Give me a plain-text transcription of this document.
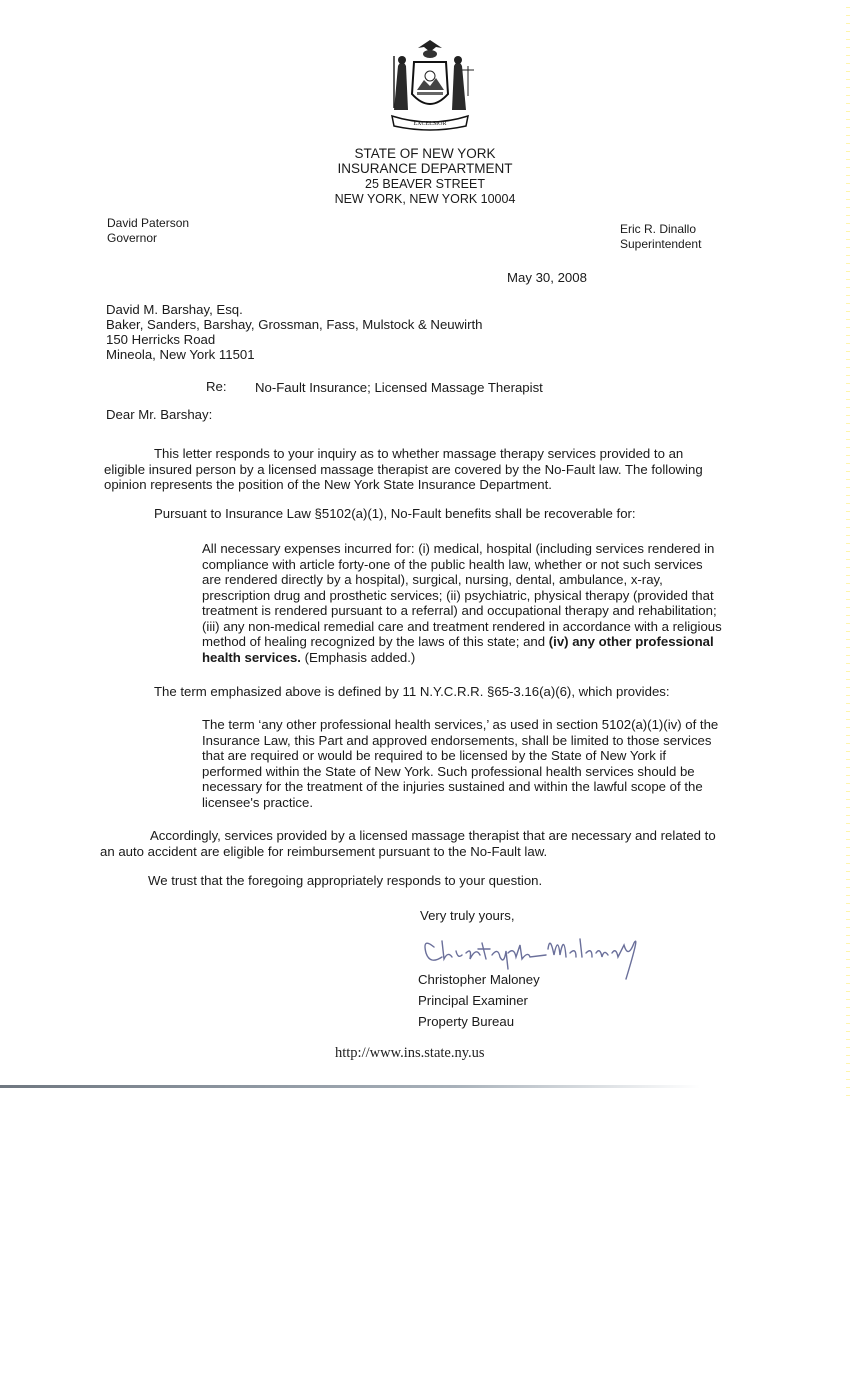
EXCELSIOR
STATE OF NEW YORK
INSURANCE DEPARTMENT
25 BEAVER STREET
NEW YORK, NEW YORK 10004
David Paterson
Governor
Eric R. Dinallo
Superintendent
May 30, 2008
David M. Barshay, Esq.
Baker, Sanders, Barshay, Grossman, Fass, Mulstock & Neuwirth
150 Herricks Road
Mineola, New York 11501
Re: No-Fault Insurance; Licensed Massage Therapist
Dear Mr. Barshay:

This letter responds to your inquiry as to whether massage therapy services provided to an

eligible insured person by a licensed massage therapist are covered by the No-Fault law. The following

opinion represents the position of the New York State Insurance Department.

Pursuant to Insurance Law §5102(a)(1), No-Fault benefits shall be recoverable for:

All necessary expenses incurred for: (i) medical, hospital (including services rendered in

compliance with article forty-one of the public health law, whether or not such services

are rendered directly by a hospital), surgical, nursing, dental, ambulance, x-ray,

prescription drug and prosthetic services; (ii) psychiatric, physical therapy (provided that

treatment is rendered pursuant to a referral) and occupational therapy and rehabilitation;

(iii) any non-medical remedial care and treatment rendered in accordance with a religious

method of healing recognized by the laws of this state; and (iv) any other professional

health services. (Emphasis added.)

The term emphasized above is defined by 11 N.Y.C.R.R. §65-3.16(a)(6), which provides:

The term ‘any other professional health services,’ as used in section 5102(a)(1)(iv) of the

Insurance Law, this Part and approved endorsements, shall be limited to those services

that are required or would be required to be licensed by the State of New York if

performed within the State of New York. Such professional health services should be

necessary for the treatment of the injuries sustained and within the lawful scope of the

licensee's practice.

Accordingly, services provided by a licensed massage therapist that are necessary and related to

an auto accident are eligible for reimbursement pursuant to the No-Fault law.

We trust that the foregoing appropriately responds to your question.
Very truly yours,
Christopher Maloney
Principal Examiner
Property Bureau
http://www.ins.state.ny.us
